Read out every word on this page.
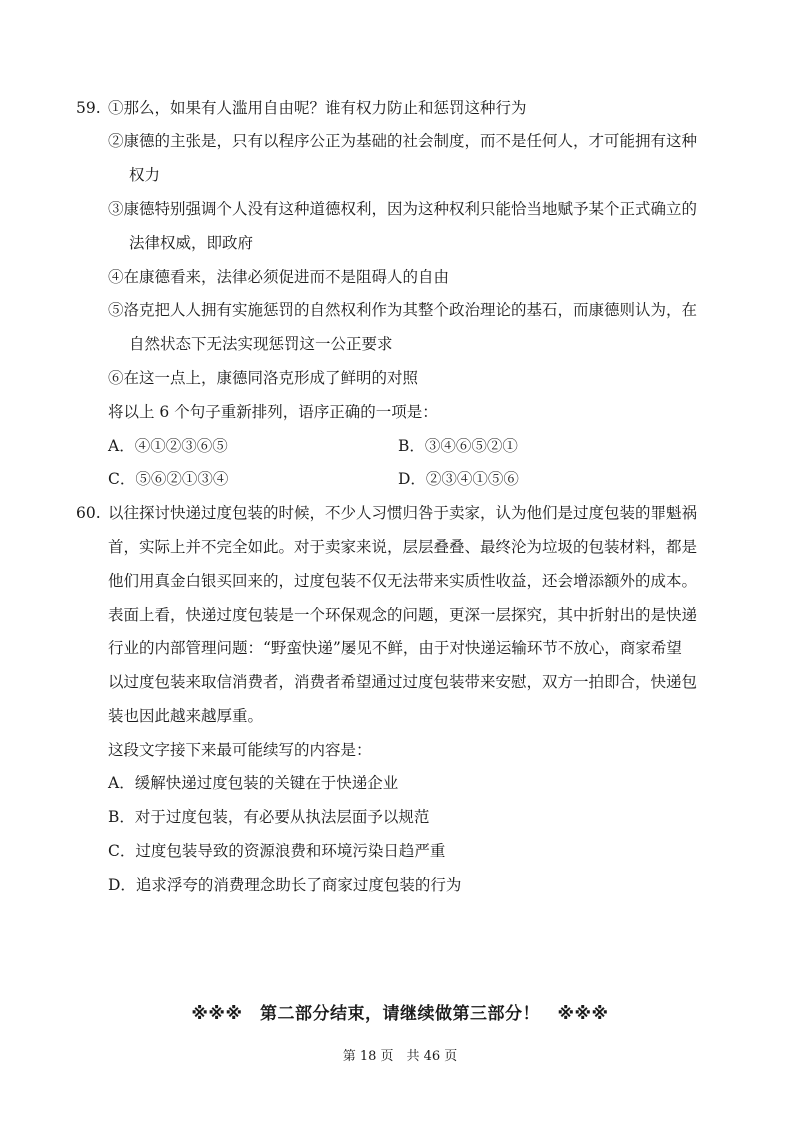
59. ①那么，如果有人滥用自由呢？谁有权力防止和惩罚这种行为
②康德的主张是，只有以程序公正为基础的社会制度，而不是任何人，才可能拥有这种
权力
③康德特别强调个人没有这种道德权利，因为这种权利只能恰当地赋予某个正式确立的
法律权威，即政府
④在康德看来，法律必须促进而不是阻碍人的自由
⑤洛克把人人拥有实施惩罚的自然权利作为其整个政治理论的基石，而康德则认为，在
自然状态下无法实现惩罚这一公正要求
⑥在这一点上，康德同洛克形成了鲜明的对照
将以上 6 个句子重新排列，语序正确的一项是：
A．④①②③⑥⑤	B．③④⑥⑤②①
C．⑤⑥②①③④	D．②③④①⑤⑥
60. 以往探讨快递过度包装的时候，不少人习惯归咎于卖家，认为他们是过度包装的罪魁祸
首，实际上并不完全如此。对于卖家来说，层层叠叠、最终沦为垃圾的包装材料，都是
他们用真金白银买回来的，过度包装不仅无法带来实质性收益，还会增添额外的成本。
表面上看，快递过度包装是一个环保观念的问题，更深一层探究，其中折射出的是快递
行业的内部管理问题：“野蛮快递”屡见不鲜，由于对快递运输环节不放心，商家希望
以过度包装来取信消费者，消费者希望通过过度包装带来安慰，双方一拍即合，快递包
装也因此越来越厚重。
这段文字接下来最可能续写的内容是：
A．缓解快递过度包装的关键在于快递企业
B．对于过度包装，有必要从执法层面予以规范
C．过度包装导致的资源浪费和环境污染日趋严重
D．追求浮夸的消费理念助长了商家过度包装的行为
※※※　第二部分结束，请继续做第三部分！　※※※
第 18 页　共 46 页
